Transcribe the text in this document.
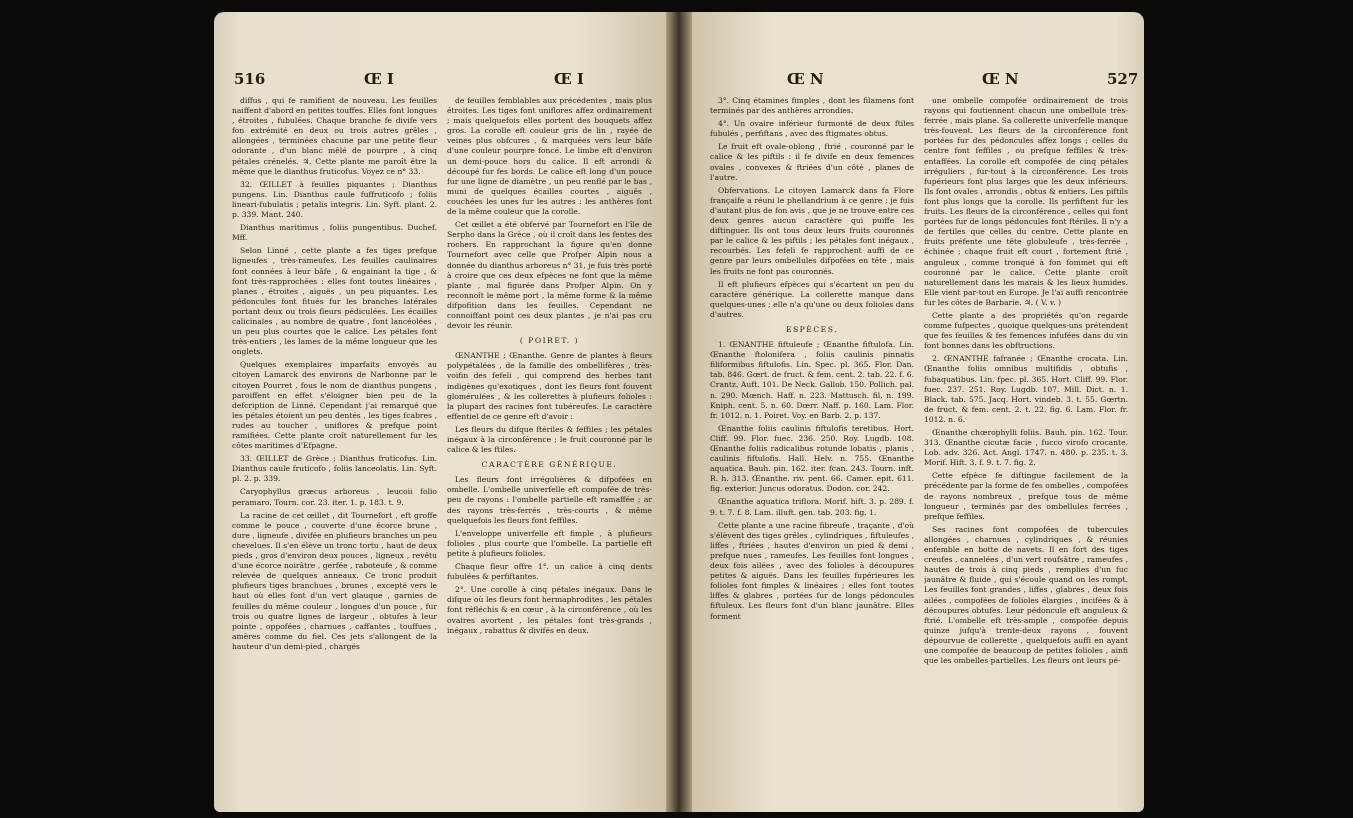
516	Œ I	Œ I

diffus , qui fe ramifient de nouveau. Les feuilles naiffent d'abord en petites touffes. Elles font longues , étroites , fubulées. Chaque branche fe divife vers fon extrémité en deux ou trois autres grêles , allongées , terminées chacune par une petite fleur odorante , d'un blanc mêlé de pourpre , à cinq pétales crénelés. ♃. Cette plante me paroît être la même que le dianthus fruticofus. Voyez ce n° 33.

32. ŒILLET à feuilles piquantes ; Dianthus pungens. Lin. Dianthus caule fuffruticofo ; foliis lineari-fubulatis ; petalis integris. Lin. Syft. plant. 2. p. 339. Mant. 240.

Dianthus maritimus , foliis pungentibus. Duchef. Mff.

Selon Linné , cette plante a fes tiges prefque ligneufes , très-rameufes. Les feuilles caulinaires font connées à leur bâfe , & engainant la tige , & font très-rapprochées : elles font toutes linéaires , planes , étroites , aiguës , un peu piquantes. Les pédoncules font fitués fur les branches latérales portant deux ou trois fleurs pédiculées. Les écailles calicinales , au nombre de quatre , font lancéolées , un peu plus courtes que le calice. Les pétales font très-entiers , les lames de la même longueur que les onglets.

Quelques exemplaires imparfaits envoyés au citoyen Lamarck des environs de Narbonne par le citoyen Pourret , fous le nom de dianthus pungens , paroiffent en effet s'éloigner bien peu de la defcription de Linné. Cependant j'ai remarqué que les pétales étoient un peu dentés , les tiges fcabres , rudes au toucher , uniflores & prefque point ramifiées. Cette plante croît naturellement fur les côtes maritimes d'Efpagne.

33. ŒILLET de Grèce ; Dianthus fruticofus. Lin. Dianthus caule fruticofo , foliis lanceolatis. Lin. Syft. pl. 2. p. 339.

Caryophyllus græcus arboreus , leucoii folio peramaro. Tourn. cor. 23. iter. 1. p. 183. t. 9.

La racine de cet œillet , dit Tournefort , eft groffe comme le pouce , couverte d'une écorce brune , dure , ligneufe , divifée en plufieurs branches un peu chevelues. Il s'en élève un tronc tortu , haut de deux pieds , gros d'environ deux pouces , ligneux , revêtu d'une écorce noirâtre , gerfée , raboteufe , & comme relevée de quelques anneaux. Ce tronc produit plufieurs tiges branchues , brunes , excepté vers le haut où elles font d'un vert glauque , garnies de feuilles du même couleur , longues d'un pouce , fur trois ou quatre lignes de largeur , obtufes à leur pointe , oppofées , charnues , caffantes , touffues , amères comme du fiel. Ces jets s'allongent de la hauteur d'un demi-pied , chargés

de feuilles femblables aux précédentes , mais plus étroites. Les tiges font uniflores affez ordinairement ; mais quelquefois elles portent des bouquets affez gros. La corolle eft couleur gris de lin , rayée de veines plus obfcures , & marquées vers leur bâfe d'une couleur pourpre foncé. Le limbe eft d'environ un demi-pouce hors du calice. Il eft arrondi & découpé fur fes bords. Le calice eft long d'un pouce fur une ligne de diamètre , un peu renflé par le bas , muni de quelques écailles courtes , aiguës , couchées les unes fur les autres : les anthères font de la même couleur que la corolle.

Cet œillet a été obfervé par Tournefort en l'île de Serpho dans la Grèce , où il croît dans les fentes des rochers. En rapprochant la figure qu'en donne Tournefort avec celle que Profper Alpin nous a donnée du dianthus arboreus n° 31, je fuis très porté à croire que ces deux efpèces ne font que la même plante , mal figurée dans Profper Alpin. On y reconnoît le même port , la même forme & la même difpofition dans les feuilles. Cependant ne connoiffant point ces deux plantes , je n'ai pas cru devoir les réunir.

( POIRET. )

ŒNANTHE ; Œnanthe. Genre de plantes à fleurs polypétalées , de la famille des ombellifères , très-voifin des fefeli , qui comprend des herbes tant indigènes qu'exotiques , dont les fleurs font fouvent glomérulées , & les collerettes à plufieurs folioles : la plupart des racines font tubéreufes. Le caractère effentiel de ce genre eft d'avoir :

Les fleurs du difque ftériles & feffiles ; les pétales inégaux à la circonférence ; le fruit couronné par le calice & les ftiles.

CARACTÈRE GÉNÉRIQUE.

Les fleurs font irrégulières & difpofées en ombelle. L'ombelle univerfelle eft compofée de très-peu de rayons : l'ombelle partielle eft ramaffée ; ar des rayons très-ferrés , très-courts , & même quelquefois les fleurs font feffiles.

L'enveloppe univerfelle eft fimple , à plufieurs folioles , plus courte que l'ombelle. La partielle eft petite à plufieurs folioles.

Chaque fleur offre 1°. un calice à cinq dents fubulées & perfiftantes.

2°. Une corolle à cinq pétales inégaux. Dans le difque où les fleurs font hermaphrodites , les pétales font réfléchis & en cœur , à la circonférence , où les ovaires avortent , les pétales font très-grands , inégaux , rabattus & divifés en deux.

Œ N	Œ N	527

3°. Cinq étamines fimples , dont les filamens font terminés par des anthères arrondies.

4°. Un ovaire inférieur furmonté de deux ftiles fubulés , perfiftans , avec des ftigmates obtus.

Le fruit eft ovale-oblong , ftrié , couronné par le calice & les piftils : il fe divife en deux femences ovales , convexes & ftriées d'un côté , planes de l'autre.

Obfervations. Le citoyen Lamarck dans fa Flore françaife a réuni le phellandrium à ce genre ; je fuis d'autant plus de fon avis , que je ne trouve entre ces deux genres aucun caractère qui puiffe les diftinguer. Ils ont tous deux leurs fruits couronnés par le calice & les piftils ; les pétales font inégaux , recourbés. Les fefeli fe rapprochent auffi de ce genre par leurs ombellules difpofées en tête , mais les fruits ne font pas couronnés.

Il eft plufieurs efpèces qui s'écartent un peu du caractère générique. La collerette manque dans quelques-unes ; elle n'a qu'une ou deux folioles dans d'autres.

ESPÈCES.

1. ŒNANTHE fiftuleufe ; Œnanthe fiftulofa. Lin. Œnanthe ftolonifera , foliis caulinis pinnatis filiformibus fiftulofis. Lin. Spec. pl. 365. Flor. Dan. tab. 846. Gœrt. de fruct. & fem. cent. 2. tab. 22. f. 6. Crantz. Auft. 101. De Neck. Gallob. 150. Pollich. pal. n. 290. Mœnch. Haff. n. 223. Mattusch. fil. n. 199. Kniph. cent. 5. n. 60. Dœrr. Naff. p. 160. Lam. Flor. fr. 1012. n. 1. Poiret. Voy. en Barb. 2. p. 137.

Œnanthe foliis caulinis fiftulofis teretibus. Hort. Cliff. 99. Flor. fuec. 236. 250. Roy. Lugdb. 108. Œnanthe foliis radicalibus rotunde lobatis , planis , caulinis fiftulofis. Hall. Helv. n. 755. Œnanthe aquatica. Bauh. pin. 162. iter. fcan. 243. Tourn. inft. R. h. 313. Œnanthe. riv. pent. 66. Camer. epit. 611. fig. exterior. Juncus odoratus. Dodon. cor. 242.

Œnanthe aquatica triflora. Morif. hift. 3. p. 289. f. 9. t. 7. f. 8. Lam. illuft. gen. tab. 203. fig. 1.

Cette plante a une racine fibreufe , traçante , d'où s'élèvent des tiges grêles , cylindriques , fiftuleufes , liffes , ftriées , hautes d'environ un pied & demi , prefque nues , rameufes. Les feuilles font longues , deux fois ailées , avec des folioles à découpures petites & aiguës. Dans les feuilles fupérieures les folioles font fimples & linéaires ; elles font toutes liffes & glabres , portées fur de longs pédoncules fiftuleux. Les fleurs font d'un blanc jaunâtre. Elles forment

une ombelle compofée ordinairement de trois rayons qui foutiennent chacun une ombellule très-ferrée , mais plane. Sa collerette univerfelle manque très-fouvent. Les fleurs de la circonférence font portées fur des pédoncules affez longs ; celles du centre font feffiles , ou prefque feffiles & très-entaffées. La corolle eft compofée de cinq pétales irréguliers , fur-tout à la circonférence. Les trois fupérieurs font plus larges que les deux inférieurs. Ils font ovales , arrondis , obtus & entiers. Les piftils font plus longs que la corolle. Ils perfiftent fur les fruits. Les fleurs de la circonférence , celles qui font portées fur de longs pédoncules font ftériles. Il n'y a de fertiles que celles du centre. Cette plante en fruits préfente une tête globuleufe , très-ferrée , échinée ; chaque fruit eft court , fortement ftrié , anguleux , comme tronqué à fon fommet qui eft couronné par le calice. Cette plante croît naturellement dans les marais & les lieux humides. Elle vient par-tout en Europe. Je l'ai auffi rencontrée fur les côtes de Barbarie. ♃. ( V. v. )

Cette plante a des propriétés qu'on regarde comme fufpectes , quoique quelques-uns prétendent que fes feuilles & fes femences infufées dans du vin font bonnes dans les obftructions.

2. ŒNANTHE fafranée ; Œnanthe crocata. Lin. Œnanthe foliis omnibus multifidis , obtufis , fubaquatibus. Lin. fpec. pl. 365. Hort. Cliff. 99. Flor. fuec. 237. 251. Roy. Lugdb. 107. Mill. Dict. n. 1. Black. tab. 575. Jacq. Hort. vindeb. 3. t. 55. Gœrtn. de fruct. & fem. cent. 2. t. 22. fig. 6. Lam. Flor. fr. 1012. n. 6.

Œnanthe chœrophylli foliis. Bauh. pin. 162. Tour. 313. Œnanthe cicutæ facie , fucco virofo crocante. Lob. adv. 326. Act. Angl. 1747. n. 480. p. 235. t. 3. Morif. Hift. 3. f. 9. t. 7. fig. 2.

Cette efpèce fe diftingue facilement de la précédente par la forme de fes ombelles , compofées de rayons nombreux , prefque tous de même longueur , terminés par des ombellules ferrées , prefque feffiles.

Ses racines font compofées de tubercules allongées , charnues , cylindriques , & réunies enfemble en botte de navets. Il en fort des tiges creufes , cannelées , d'un vert roufsâtre , rameufes , hautes de trois à cinq pieds , remplies d'un fuc jaunâtre & fluide , qui s'écoule quand on les rompt. Les feuilles font grandes , liffes , glabres , deux fois ailées , compofées de folioles élargies , incifées & à découpures obtufes. Leur pédoncule eft anguleux & ftrié. L'ombelle eft très-ample , compofée depuis quinze jufqu'à trente-deux rayons , fouvent dépourvue de collerette , quelquefois auffi en ayant une compofée de beaucoup de petites folioles , ainfi que les ombelles partielles. Les fleurs ont leurs pé-
